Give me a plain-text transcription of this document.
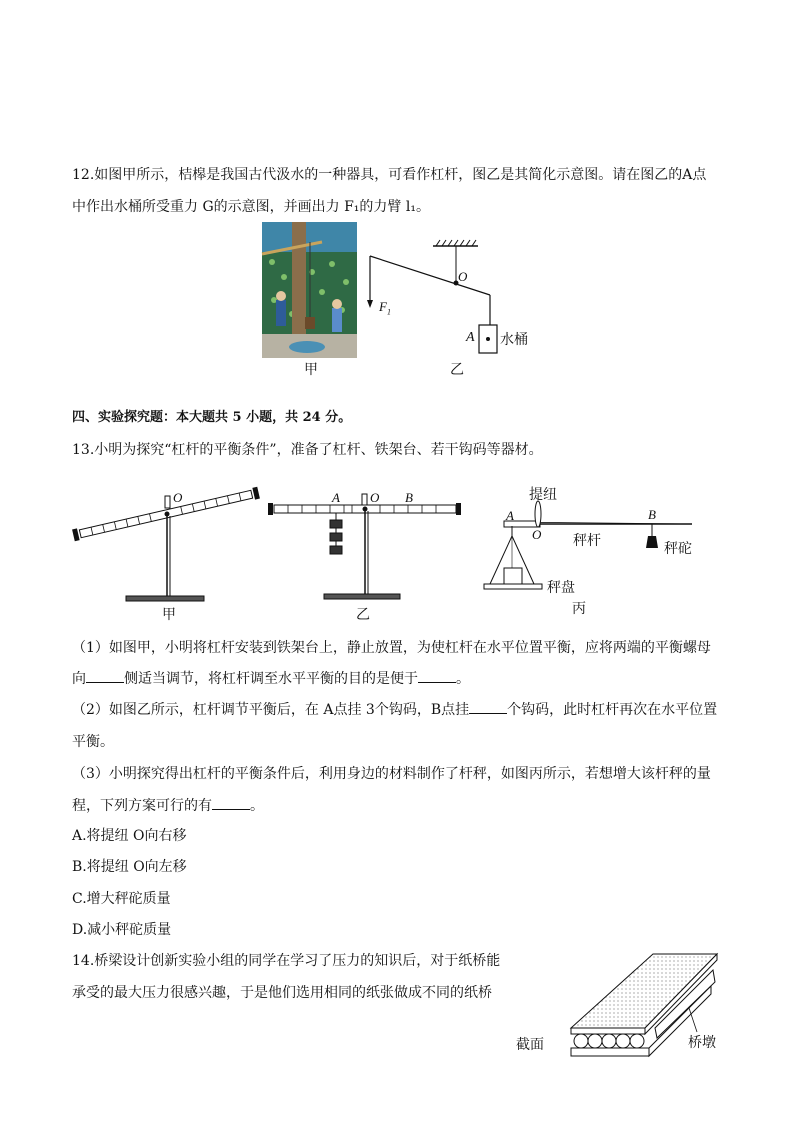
12.如图甲所示，桔槔是我国古代汲水的一种器具，可看作杠杆，图乙是其简化示意图。请在图乙的A点
中作出水桶所受重力 G的示意图，并画出力 F₁的力臂 l₁。
甲
O
$F_1$
A 水桶
乙
四、实验探究题：本大题共 5 小题，共 24 分。
13.小明为探究“杠杆的平衡条件”，准备了杠杆、铁架台、若干钩码等器材。
O
甲
A O B
乙
提纽
A
O 秤杆
B
秤砣
秤盘
丙
（1）如图甲，小明将杠杆安装到铁架台上，静止放置，为使杠杆在水平位置平衡，应将两端的平衡螺母
向	侧适当调节，将杠杆调至水平平衡的目的是便于	。
（2）如图乙所示，杠杆调节平衡后，在 A点挂 3个钩码，B点挂	个钩码，此时杠杆再次在水平位置
平衡。
（3）小明探究得出杠杆的平衡条件后，利用身边的材料制作了杆秤，如图丙所示，若想增大该杆秤的量
程，下列方案可行的有	。
A.将提纽 O向右移
B.将提纽 O向左移
C.增大秤砣质量
D.减小秤砣质量
14.桥梁设计创新实验小组的同学在学习了压力的知识后，对于纸桥能
承受的最大压力很感兴趣，于是他们选用相同的纸张做成不同的纸桥
截面	桥墩
